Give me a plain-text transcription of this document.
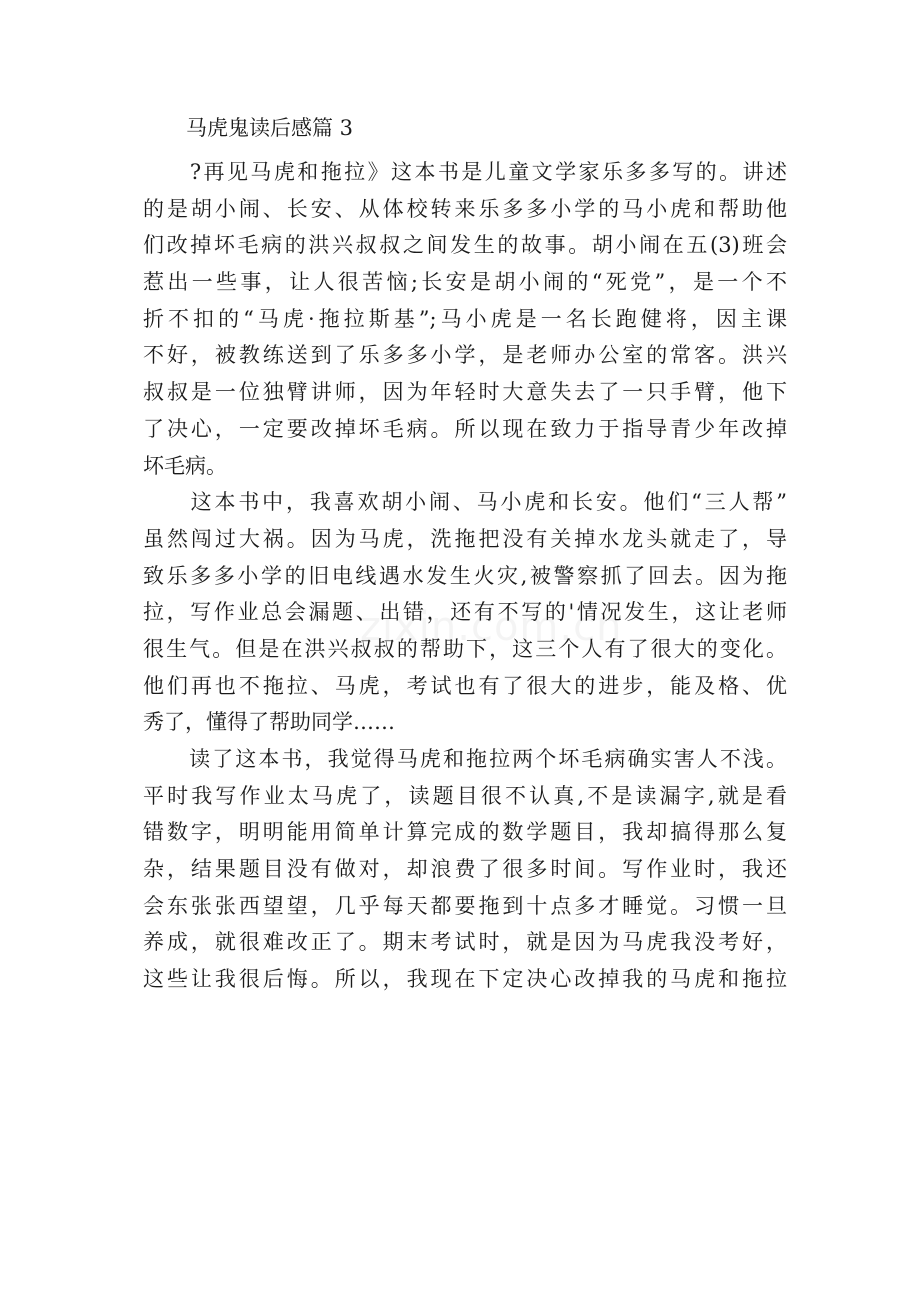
马虎鬼读后感篇 3
　　?再见马虎和拖拉》这本书是儿童文学家乐多多写的。讲述
的是胡小闹、长安、从体校转来乐多多小学的马小虎和帮助他
们改掉坏毛病的洪兴叔叔之间发生的故事。胡小闹在五(3)班会
惹出一些事，让人很苦恼;长安是胡小闹的“死党”，是一个不
折不扣的“马虎·拖拉斯基”;马小虎是一名长跑健将，因主课
不好，被教练送到了乐多多小学，是老师办公室的常客。洪兴
叔叔是一位独臂讲师，因为年轻时大意失去了一只手臂，他下
了决心，一定要改掉坏毛病。所以现在致力于指导青少年改掉
坏毛病。
　　这本书中，我喜欢胡小闹、马小虎和长安。他们“三人帮”
虽然闯过大祸。因为马虎，洗拖把没有关掉水龙头就走了，导
致乐多多小学的旧电线遇水发生火灾,被警察抓了回去。因为拖
拉，写作业总会漏题、出错，还有不写的'情况发生，这让老师
很生气。但是在洪兴叔叔的帮助下，这三个人有了很大的变化。
他们再也不拖拉、马虎，考试也有了很大的进步，能及格、优
秀了，懂得了帮助同学……
　　读了这本书，我觉得马虎和拖拉两个坏毛病确实害人不浅。
平时我写作业太马虎了，读题目很不认真,不是读漏字,就是看
错数字，明明能用简单计算完成的数学题目，我却搞得那么复
杂，结果题目没有做对，却浪费了很多时间。写作业时，我还
会东张张西望望，几乎每天都要拖到十点多才睡觉。习惯一旦
养成，就很难改正了。期末考试时，就是因为马虎我没考好，
这些让我很后悔。所以，我现在下定决心改掉我的马虎和拖拉
